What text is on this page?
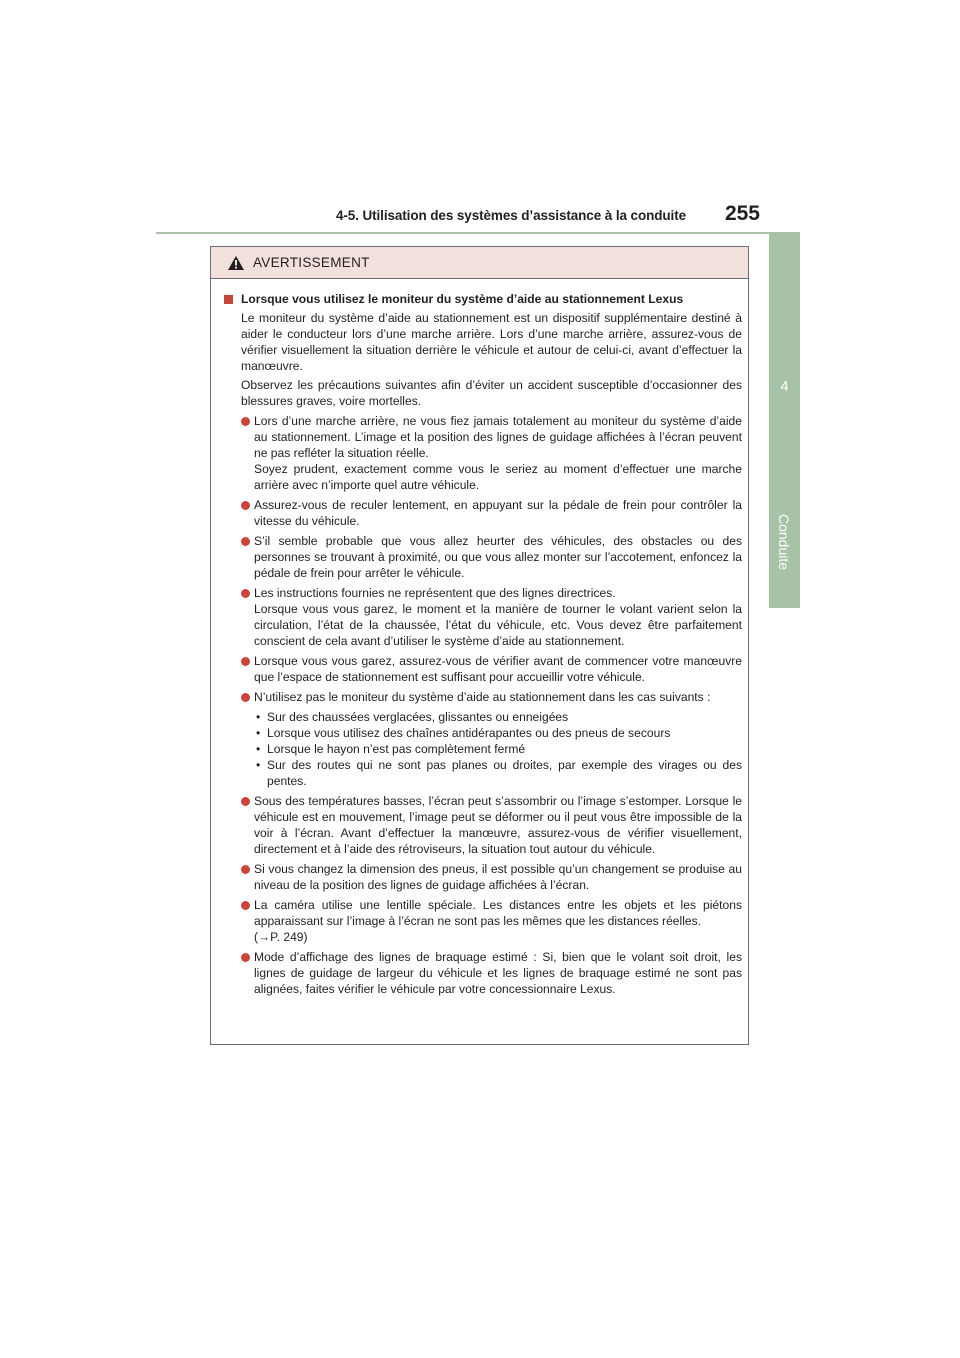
4-5. Utilisation des systèmes d’assistance à la conduite 255
4
Conduite
AVERTISSEMENT
Lorsque vous utilisez le moniteur du système d’aide au stationnement Lexus
Le moniteur du système d’aide au stationnement est un dispositif supplémentaire destiné à aider le conducteur lors d’une marche arrière. Lors d’une marche arrière, assurez-vous de vérifier visuellement la situation derrière le véhicule et autour de celui-ci, avant d’effectuer la manœuvre.
Observez les précautions suivantes afin d’éviter un accident susceptible d’occasionner des blessures graves, voire mortelles.
Lors d’une marche arrière, ne vous fiez jamais totalement au moniteur du système d’aide au stationnement. L’image et la position des lignes de guidage affichées à l’écran peuvent ne pas refléter la situation réelle.
Soyez prudent, exactement comme vous le seriez au moment d’effectuer une marche arrière avec n’importe quel autre véhicule.
Assurez-vous de reculer lentement, en appuyant sur la pédale de frein pour contrôler la vitesse du véhicule.
S’il semble probable que vous allez heurter des véhicules, des obstacles ou des personnes se trouvant à proximité, ou que vous allez monter sur l’accotement, enfoncez la pédale de frein pour arrêter le véhicule.
Les instructions fournies ne représentent que des lignes directrices.
Lorsque vous vous garez, le moment et la manière de tourner le volant varient selon la circulation, l’état de la chaussée, l’état du véhicule, etc. Vous devez être parfaitement conscient de cela avant d’utiliser le système d’aide au stationnement.
Lorsque vous vous garez, assurez-vous de vérifier avant de commencer votre manœuvre que l’espace de stationnement est suffisant pour accueillir votre véhicule.
N’utilisez pas le moniteur du système d’aide au stationnement dans les cas suivants :
• Sur des chaussées verglacées, glissantes ou enneigées
• Lorsque vous utilisez des chaînes antidérapantes ou des pneus de secours
• Lorsque le hayon n’est pas complètement fermé
• Sur des routes qui ne sont pas planes ou droites, par exemple des virages ou des pentes.
Sous des températures basses, l’écran peut s’assombrir ou l’image s’estomper. Lorsque le véhicule est en mouvement, l’image peut se déformer ou il peut vous être impossible de la voir à l’écran. Avant d’effectuer la manœuvre, assurez-vous de vérifier visuellement, directement et à l’aide des rétroviseurs, la situation tout autour du véhicule.
Si vous changez la dimension des pneus, il est possible qu’un changement se produise au niveau de la position des lignes de guidage affichées à l’écran.
La caméra utilise une lentille spéciale. Les distances entre les objets et les piétons apparaissant sur l’image à l’écran ne sont pas les mêmes que les distances réelles.
(→P. 249)
Mode d’affichage des lignes de braquage estimé : Si, bien que le volant soit droit, les lignes de guidage de largeur du véhicule et les lignes de braquage estimé ne sont pas alignées, faites vérifier le véhicule par votre concessionnaire Lexus.
